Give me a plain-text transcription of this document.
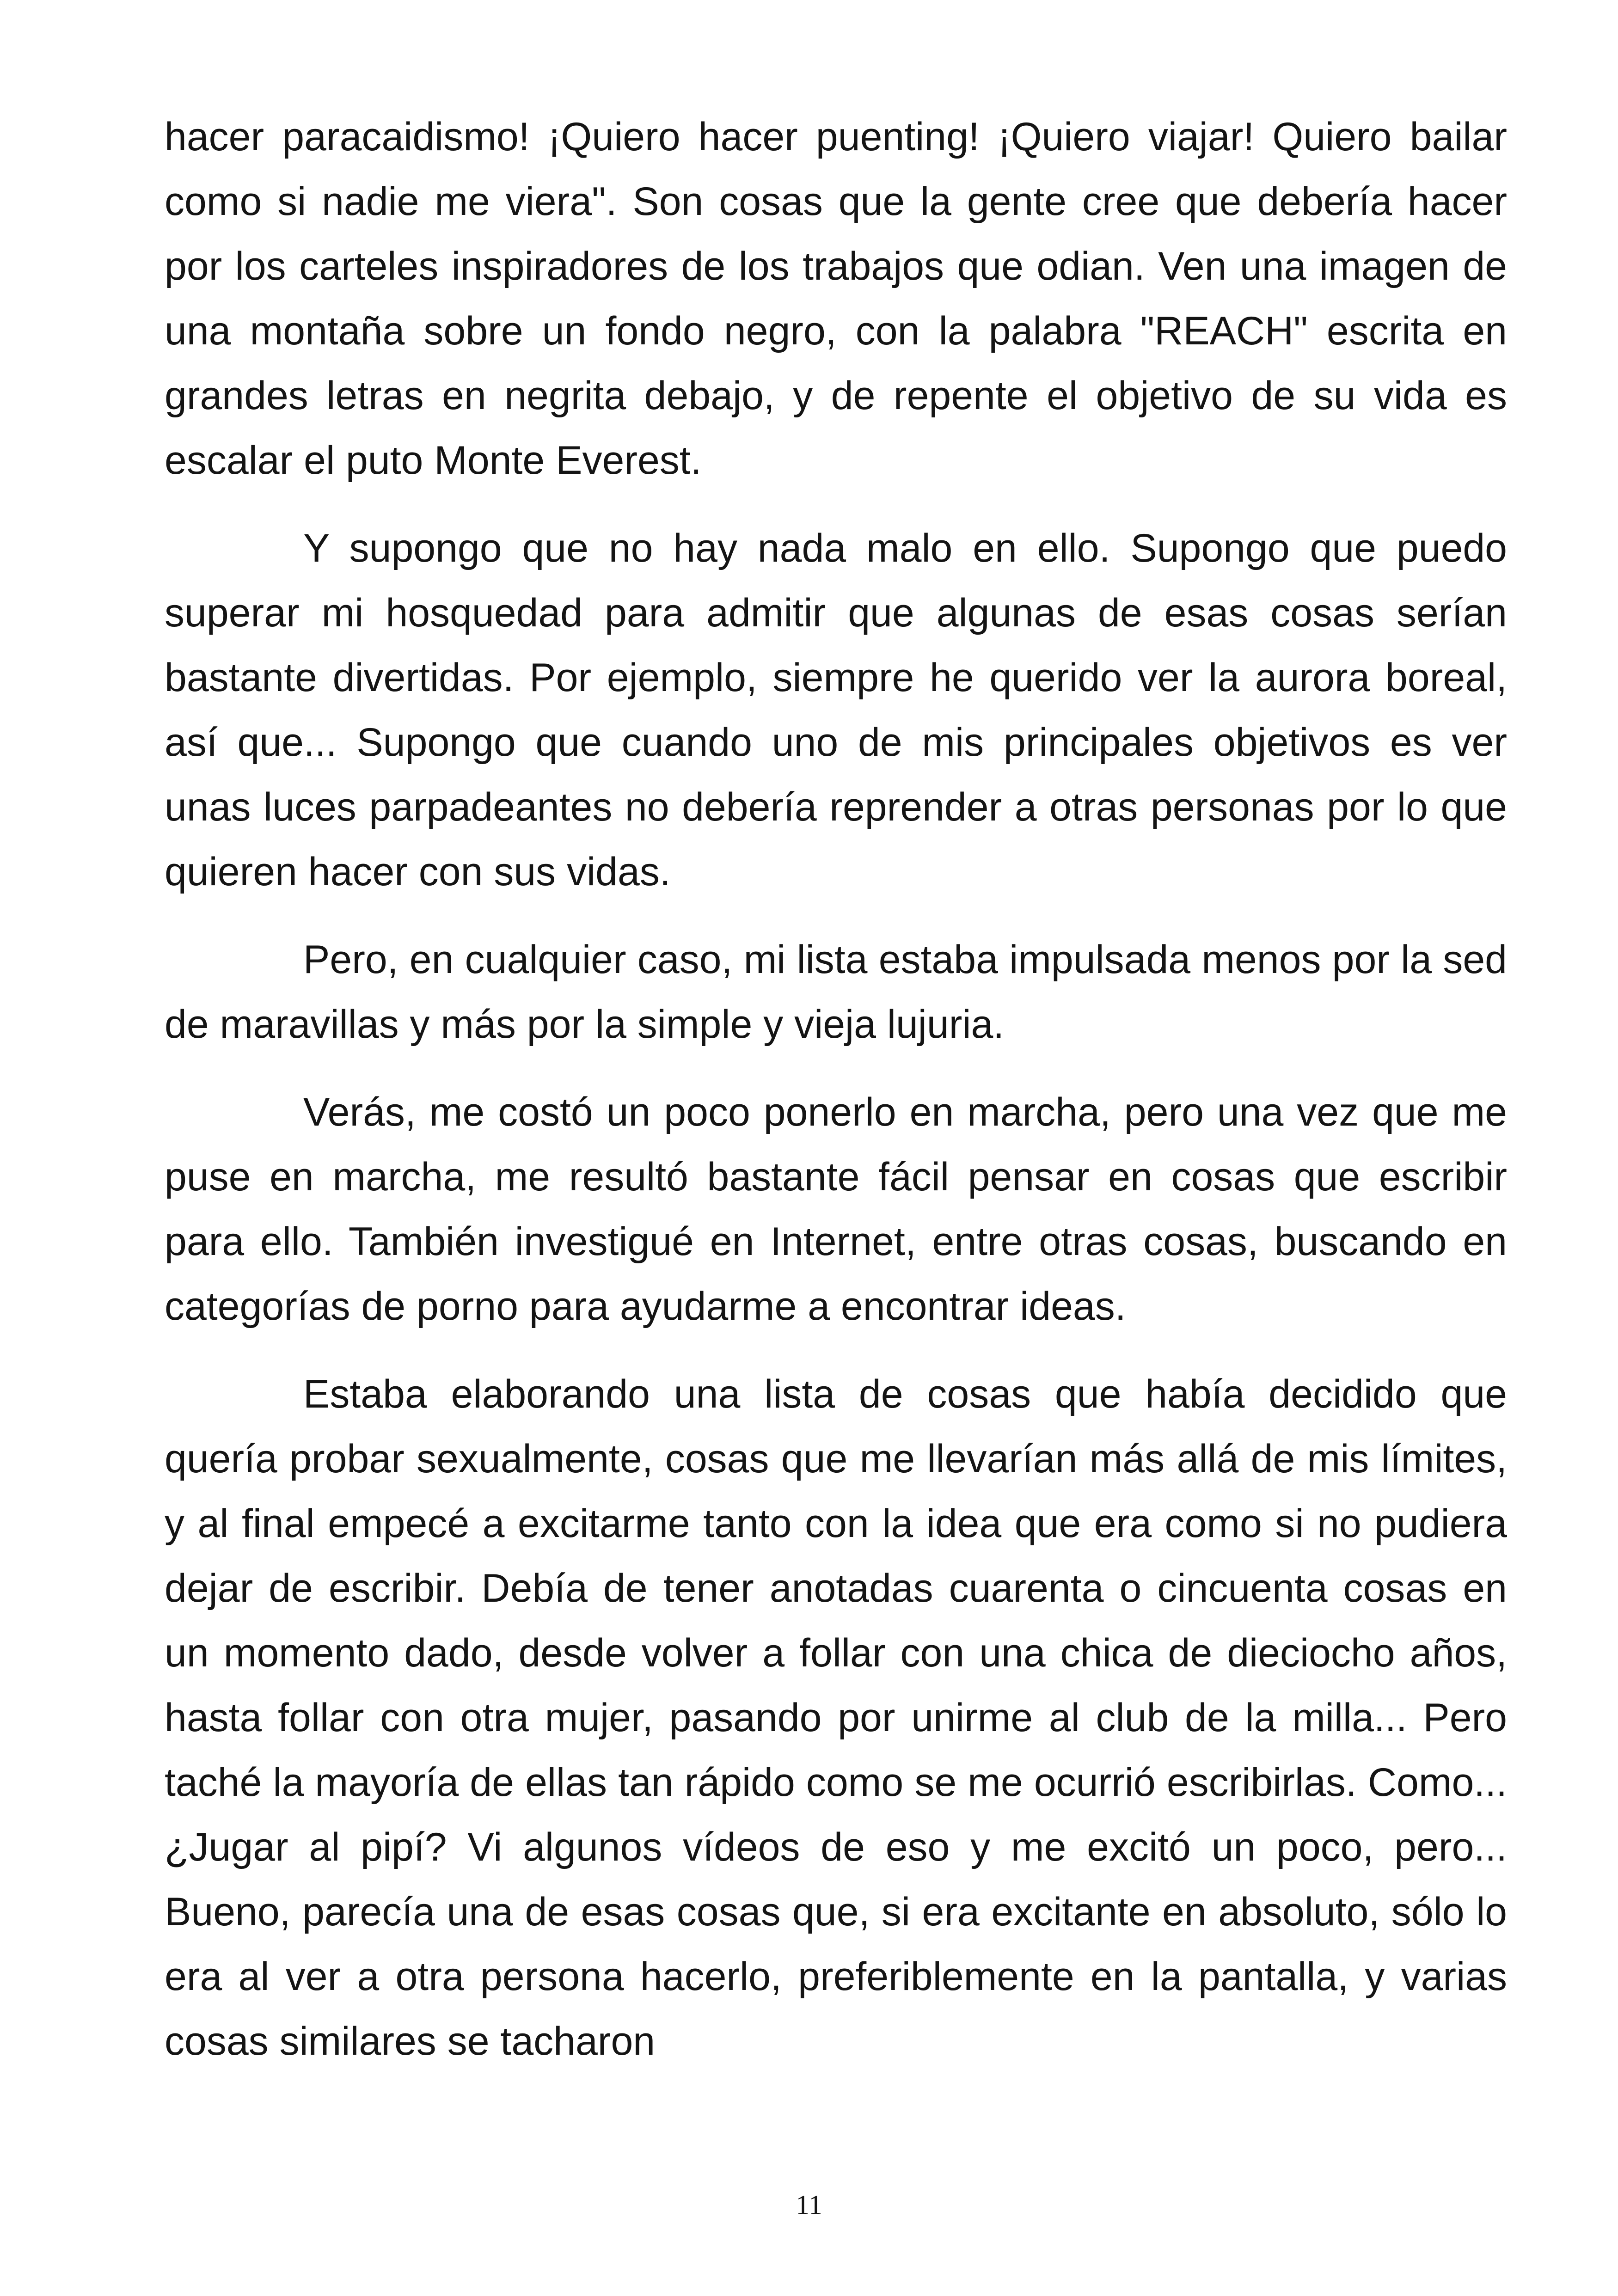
hacer paracaidismo! ¡Quiero hacer puenting! ¡Quiero viajar! Quiero bailar como si nadie me viera". Son cosas que la gente cree que debería hacer por los carteles inspiradores de los trabajos que odian. Ven una imagen de una montaña sobre un fondo negro, con la palabra "REACH" escrita en grandes letras en negrita debajo, y de repente el objetivo de su vida es escalar el puto Monte Everest.

Y supongo que no hay nada malo en ello. Supongo que puedo superar mi hosquedad para admitir que algunas de esas cosas serían bastante divertidas. Por ejemplo, siempre he querido ver la aurora boreal, así que... Supongo que cuando uno de mis principales objetivos es ver unas luces parpadeantes no debería reprender a otras personas por lo que quieren hacer con sus vidas.

Pero, en cualquier caso, mi lista estaba impulsada menos por la sed de maravillas y más por la simple y vieja lujuria.

Verás, me costó un poco ponerlo en marcha, pero una vez que me puse en marcha, me resultó bastante fácil pensar en cosas que escribir para ello. También investigué en Internet, entre otras cosas, buscando en categorías de porno para ayudarme a encontrar ideas.

Estaba elaborando una lista de cosas que había decidido que quería probar sexualmente, cosas que me llevarían más allá de mis límites, y al final empecé a excitarme tanto con la idea que era como si no pudiera dejar de escribir. Debía de tener anotadas cuarenta o cincuenta cosas en un momento dado, desde volver a follar con una chica de dieciocho años, hasta follar con otra mujer, pasando por unirme al club de la milla... Pero taché la mayoría de ellas tan rápido como se me ocurrió escribirlas. Como... ¿Jugar al pipí? Vi algunos vídeos de eso y me excitó un poco, pero... Bueno, parecía una de esas cosas que, si era excitante en absoluto, sólo lo era al ver a otra persona hacerlo, preferiblemente en la pantalla, y varias cosas similares se tacharon

11
